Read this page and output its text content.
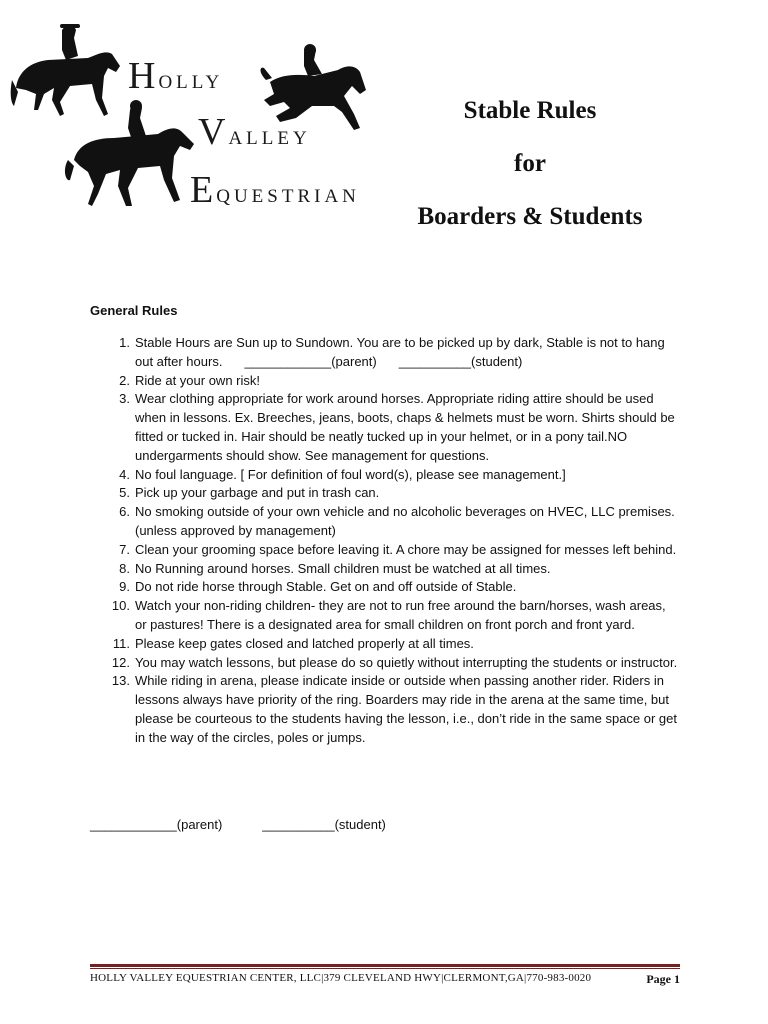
HOLLY
VALLEY
EQUESTRIAN
Stable Rules
for
Boarders & Students
General Rules
1. Stable Hours are Sun up to Sundown. You are to be picked up by dark, Stable is not to hang out after hours. ____________(parent) __________(student)
2. Ride at your own risk!
3. Wear clothing appropriate for work around horses. Appropriate riding attire should be used when in lessons. Ex. Breeches, jeans, boots, chaps & helmets must be worn. Shirts should be fitted or tucked in. Hair should be neatly tucked up in your helmet, or in a pony tail.NO undergarments should show. See management for questions.
4. No foul language. [ For definition of foul word(s), please see management.]
5. Pick up your garbage and put in trash can.
6. No smoking outside of your own vehicle and no alcoholic beverages on HVEC, LLC premises. (unless approved by management)
7. Clean your grooming space before leaving it. A chore may be assigned for messes left behind.
8. No Running around horses. Small children must be watched at all times.
9. Do not ride horse through Stable. Get on and off outside of Stable.
10. Watch your non-riding children- they are not to run free around the barn/horses, wash areas, or pastures! There is a designated area for small children on front porch and front yard.
11. Please keep gates closed and latched properly at all times.
12. You may watch lessons, but please do so quietly without interrupting the students or instructor.
13. While riding in arena, please indicate inside or outside when passing another rider. Riders in lessons always have priority of the ring. Boarders may ride in the arena at the same time, but please be courteous to the students having the lesson, i.e., don’t ride in the same space or get in the way of the circles, poles or jumps.
____________(parent)	__________(student)
HOLLY VALLEY EQUESTRIAN CENTER, LLC|379 CLEVELAND HWY|CLERMONT,GA|770-983-0020	Page 1
